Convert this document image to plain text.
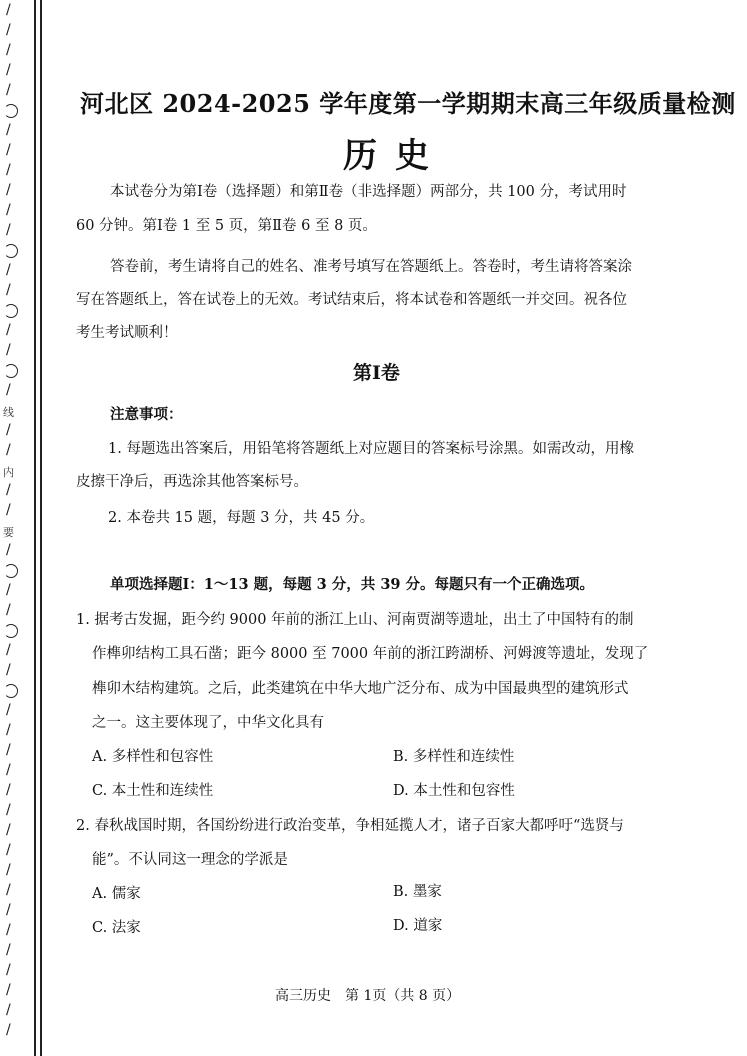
/
/
/
/
/
/
/
/
/
/
/
/
/
/
/
/
线
/
/
内
/
/
要
/
/
/
/
/
/
/
/
/
/
/
/
/
/
/
/
/
/
/
/
/
/
河北区 2024-2025 学年度第一学期期末高三年级质量检测
历史
本试卷分为第Ⅰ卷（选择题）和第Ⅱ卷（非选择题）两部分，共 100 分，考试用时
60 分钟。第Ⅰ卷 1 至 5 页，第Ⅱ卷 6 至 8 页。
答卷前，考生请将自己的姓名、准考号填写在答题纸上。答卷时，考生请将答案涂
写在答题纸上，答在试卷上的无效。考试结束后，将本试卷和答题纸一并交回。祝各位
考生考试顺利！
第Ⅰ卷
注意事项：
1. 每题选出答案后，用铅笔将答题纸上对应题目的答案标号涂黑。如需改动，用橡
皮擦干净后，再选涂其他答案标号。
2. 本卷共 15 题，每题 3 分，共 45 分。
单项选择题Ⅰ：1～13 题，每题 3 分，共 39 分。每题只有一个正确选项。
1. 据考古发掘，距今约 9000 年前的浙江上山、河南贾湖等遗址，出土了中国特有的制
作榫卯结构工具石凿；距今 8000 至 7000 年前的浙江跨湖桥、河姆渡等遗址，发现了
榫卯木结构建筑。之后，此类建筑在中华大地广泛分布、成为中国最典型的建筑形式
之一。这主要体现了，中华文化具有
A. 多样性和包容性	B. 多样性和连续性
C. 本土性和连续性	D. 本土性和包容性
2. 春秋战国时期，各国纷纷进行政治变革，争相延揽人才，诸子百家大都呼吁“选贤与
能”。不认同这一理念的学派是
A. 儒家	B. 墨家
C. 法家	D. 道家
高三历史　第 1页（共 8 页）
